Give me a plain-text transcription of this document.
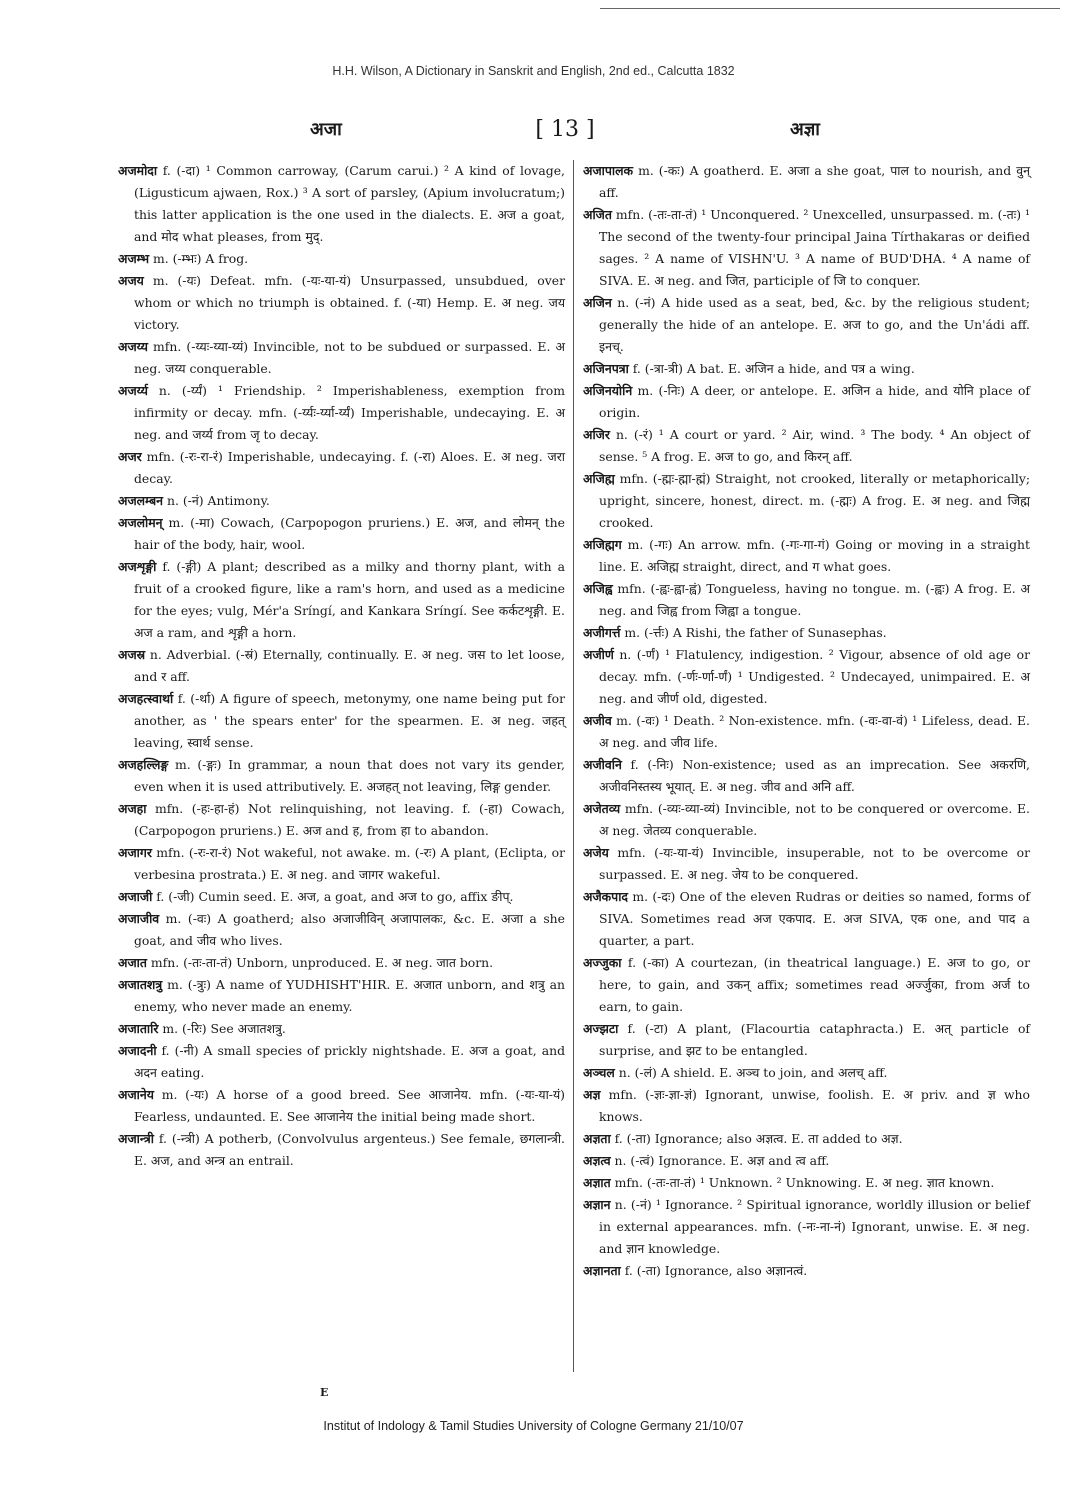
H.H. Wilson, A Dictionary in Sanskrit and English, 2nd ed., Calcutta 1832
अजा	[ 13 ]	अज्ञा

अजमोदा f. (-दा) ¹ Common carroway, (Carum carui.) ² A kind of lovage, (Ligusticum ajwaen, Rox.) ³ A sort of parsley, (Apium involucratum;) this latter application is the one used in the dialects. E. अज a goat, and मोद what pleases, from मुद्.

अजम्भ m. (-म्भः) A frog.

अजय m. (-यः) Defeat. mfn. (-यः-या-यं) Unsurpassed, unsubdued, over whom or which no triumph is obtained. f. (-या) Hemp. E. अ neg. जय victory.

अजय्य mfn. (-य्यः-य्या-य्यं) Invincible, not to be subdued or surpassed. E. अ neg. जय्य conquerable.

अजर्य्य n. (-र्य्यं) ¹ Friendship. ² Imperishableness, exemption from infirmity or decay. mfn. (-र्य्यः-र्य्या-र्य्यं) Imperishable, undecaying. E. अ neg. and जर्य्य from जृ to decay.

अजर mfn. (-रः-रा-रं) Imperishable, undecaying. f. (-रा) Aloes. E. अ neg. जरा decay.

अजलम्बन n. (-नं) Antimony.

अजलोमन् m. (-मा) Cowach, (Carpopogon pruriens.) E. अज, and लोमन् the hair of the body, hair, wool.

अजशृङ्गी f. (-ङ्गी) A plant; described as a milky and thorny plant, with a fruit of a crooked figure, like a ram's horn, and used as a medicine for the eyes; vulg, Mér'a Sríngí, and Kankara Sríngí. See कर्कटशृङ्गी. E. अज a ram, and शृङ्गी a horn.

अजस्र n. Adverbial. (-स्रं) Eternally, continually. E. अ neg. जस to let loose, and र aff.

अजहत्स्वार्था f. (-र्था) A figure of speech, metonymy, one name being put for another, as ' the spears enter' for the spearmen. E. अ neg. जहत् leaving, स्वार्थ sense.

अजहल्लिङ्ग m. (-ङ्गः) In grammar, a noun that does not vary its gender, even when it is used attributively. E. अजहत् not leaving, लिङ्ग gender.

अजहा mfn. (-हः-हा-हं) Not relinquishing, not leaving. f. (-हा) Cowach, (Carpopogon pruriens.) E. अज and ह, from हा to abandon.

अजागर mfn. (-रः-रा-रं) Not wakeful, not awake. m. (-रः) A plant, (Eclipta, or verbesina prostrata.) E. अ neg. and जागर wakeful.

अजाजी f. (-जी) Cumin seed. E. अज, a goat, and अज to go, affix ङीप्.

अजाजीव m. (-वः) A goatherd; also अजाजीविन् अजापालकः, &c. E. अजा a she goat, and जीव who lives.

अजात mfn. (-तः-ता-तं) Unborn, unproduced. E. अ neg. जात born.

अजातशत्रु m. (-त्रुः) A name of YUDHISHT'HIR. E. अजात unborn, and शत्रु an enemy, who never made an enemy.

अजातारि m. (-रिः) See अजातशत्रु.

अजादनी f. (-नी) A small species of prickly nightshade. E. अज a goat, and अदन eating.

अजानेय m. (-यः) A horse of a good breed. See आजानेय. mfn. (-यः-या-यं) Fearless, undaunted. E. See आजानेय the initial being made short.

अजान्त्री f. (-न्त्री) A potherb, (Convolvulus argenteus.) See female, छगलान्त्री. E. अज, and अन्त्र an entrail.

अजापालक m. (-कः) A goatherd. E. अजा a she goat, पाल to nourish, and वुन् aff.

अजित mfn. (-तः-ता-तं) ¹ Unconquered. ² Unexcelled, unsurpassed. m. (-तः) ¹ The second of the twenty-four principal Jaina Tírthakaras or deified sages. ² A name of VISHN'U. ³ A name of BUD'DHA. ⁴ A name of SIVA. E. अ neg. and जित, participle of जि to conquer.

अजिन n. (-नं) A hide used as a seat, bed, &c. by the religious student; generally the hide of an antelope. E. अज to go, and the Un'ádi aff. इनच्.

अजिनपत्रा f. (-त्रा-त्री) A bat. E. अजिन a hide, and पत्र a wing.

अजिनयोनि m. (-निः) A deer, or antelope. E. अजिन a hide, and योनि place of origin.

अजिर n. (-रं) ¹ A court or yard. ² Air, wind. ³ The body. ⁴ An object of sense. ⁵ A frog. E. अज to go, and किरन् aff.

अजिह्म mfn. (-ह्मः-ह्मा-ह्मं) Straight, not crooked, literally or metaphorically; upright, sincere, honest, direct. m. (-ह्मः) A frog. E. अ neg. and जिह्म crooked.

अजिह्मग m. (-गः) An arrow. mfn. (-गः-गा-गं) Going or moving in a straight line. E. अजिह्म straight, direct, and ग what goes.

अजिह्व mfn. (-ह्वः-ह्वा-ह्वं) Tongueless, having no tongue. m. (-ह्वः) A frog. E. अ neg. and जिह्व from जिह्वा a tongue.

अजीगर्त्त m. (-र्त्तः) A Rishi, the father of Sunasephas.

अजीर्ण n. (-र्णं) ¹ Flatulency, indigestion. ² Vigour, absence of old age or decay. mfn. (-र्णः-र्णा-र्णं) ¹ Undigested. ² Undecayed, unimpaired. E. अ neg. and जीर्ण old, digested.

अजीव m. (-वः) ¹ Death. ² Non-existence. mfn. (-वः-वा-वं) ¹ Lifeless, dead. E. अ neg. and जीव life.

अजीवनि f. (-निः) Non-existence; used as an imprecation. See अकरणि, अजीवनिस्तस्य भूयात्. E. अ neg. जीव and अनि aff.

अजेतव्य mfn. (-व्यः-व्या-व्यं) Invincible, not to be conquered or overcome. E. अ neg. जेतव्य conquerable.

अजेय mfn. (-यः-या-यं) Invincible, insuperable, not to be overcome or surpassed. E. अ neg. जेय to be conquered.

अजैकपाद m. (-दः) One of the eleven Rudras or deities so named, forms of SIVA. Sometimes read अज एकपाद. E. अज SIVA, एक one, and पाद a quarter, a part.

अज्जुका f. (-का) A courtezan, (in theatrical language.) E. अज to go, or here, to gain, and उकन् affix; sometimes read अर्ज्जुका, from अर्ज to earn, to gain.

अज्झटा f. (-टा) A plant, (Flacourtia cataphracta.) E. अत् particle of surprise, and झट to be entangled.

अञ्चल n. (-लं) A shield. E. अञ्च to join, and अलच् aff.

अज्ञ mfn. (-ज्ञः-ज्ञा-ज्ञं) Ignorant, unwise, foolish. E. अ priv. and ज्ञ who knows.

अज्ञता f. (-ता) Ignorance; also अज्ञत्व. E. ता added to अज्ञ.

अज्ञत्व n. (-त्वं) Ignorance. E. अज्ञ and त्व aff.

अज्ञात mfn. (-तः-ता-तं) ¹ Unknown. ² Unknowing. E. अ neg. ज्ञात known.

अज्ञान n. (-नं) ¹ Ignorance. ² Spiritual ignorance, worldly illusion or belief in external appearances. mfn. (-नः-ना-नं) Ignorant, unwise. E. अ neg. and ज्ञान knowledge.

अज्ञानता f. (-ता) Ignorance, also अज्ञानत्वं.

E
Institut of Indology & Tamil Studies University of Cologne Germany 21/10/07
